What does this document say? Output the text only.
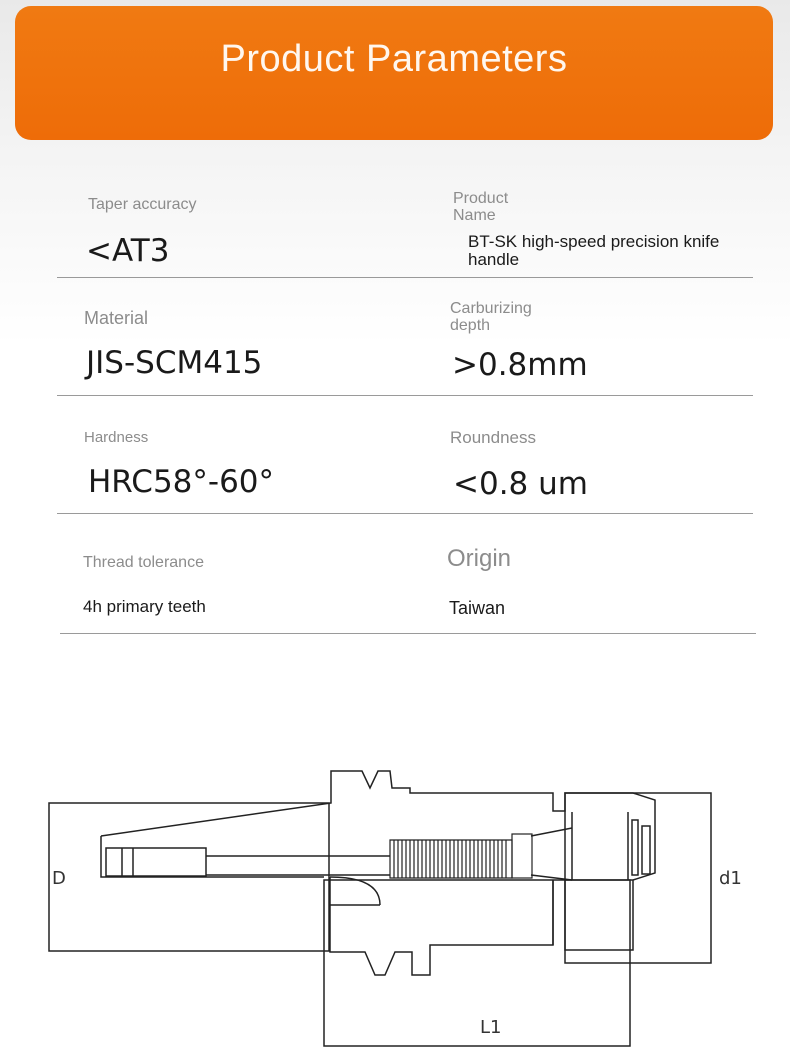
Product Parameters
Taper accuracy
<AT3
Product Name
BT-SK high-speed precision knife handle
Material
JIS-SCM415
Carburizing depth
>0.8mm
Hardness
HRC58°-60°
Roundness
<0.8 um
Thread tolerance
4h primary teeth
Origin
Taiwan
D	d1
L1
